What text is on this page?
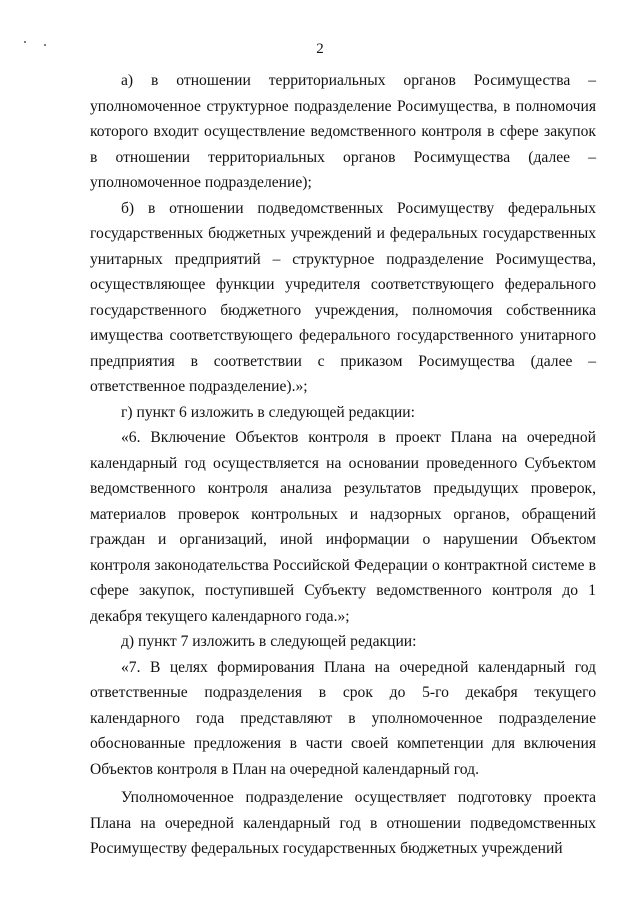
2

а) в отношении территориальных органов Росимущества – уполномоченное структурное подразделение Росимущества, в полномочия которого входит осуществление ведомственного контроля в сфере закупок в отношении территориальных органов Росимущества (далее – уполномоченное подразделение);

б) в отношении подведомственных Росимуществу федеральных государственных бюджетных учреждений и федеральных государственных унитарных предприятий – структурное подразделение Росимущества, осуществляющее функции учредителя соответствующего федерального государственного бюджетного учреждения, полномочия собственника имущества соответствующего федерального государственного унитарного предприятия в соответствии с приказом Росимущества (далее – ответственное подразделение).»;

г) пункт 6 изложить в следующей редакции:

«6. Включение Объектов контроля в проект Плана на очередной календарный год осуществляется на основании проведенного Субъектом ведомственного контроля анализа результатов предыдущих проверок, материалов проверок контрольных и надзорных органов, обращений граждан и организаций, иной информации о нарушении Объектом контроля законодательства Российской Федерации о контрактной системе в сфере закупок, поступившей Субъекту ведомственного контроля до 1 декабря текущего календарного года.»;

д) пункт 7 изложить в следующей редакции:

«7. В целях формирования Плана на очередной календарный год ответственные подразделения в срок до 5-го декабря текущего календарного года представляют в уполномоченное подразделение обоснованные предложения в части своей компетенции для включения Объектов контроля в План на очередной календарный год.

Уполномоченное подразделение осуществляет подготовку проекта Плана на очередной календарный год в отношении подведомственных Росимуществу федеральных государственных бюджетных учреждений
